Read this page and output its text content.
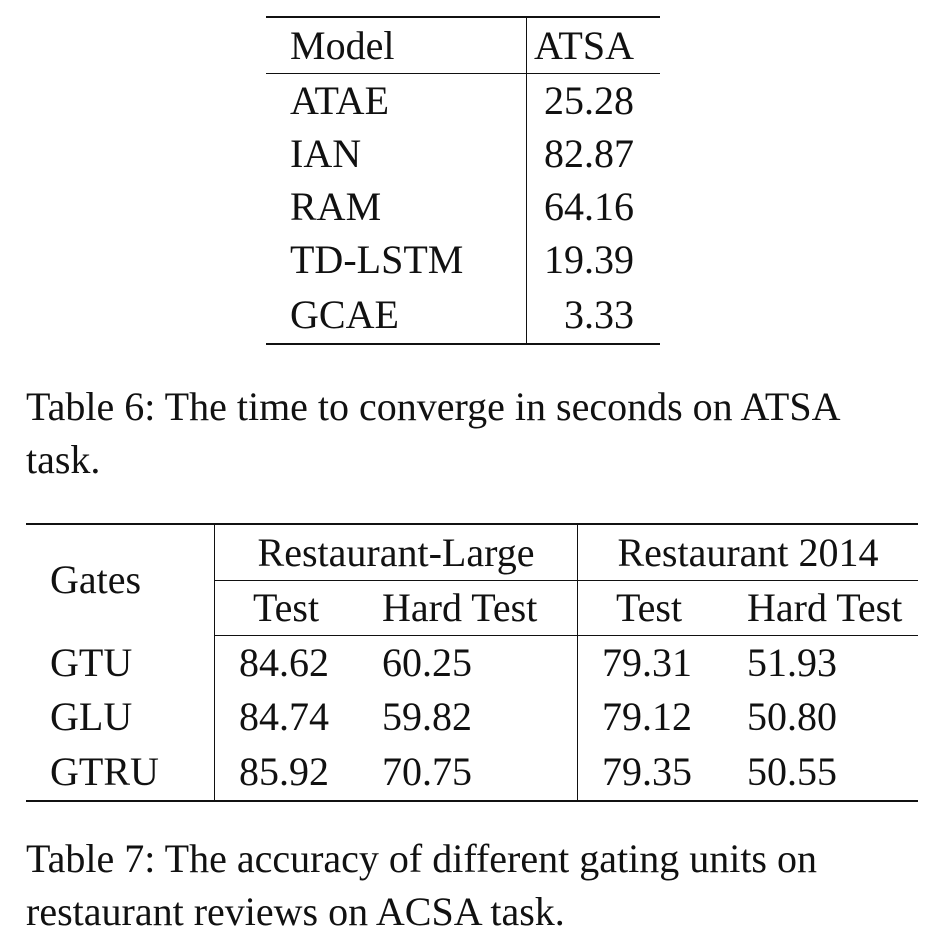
Model	ATSA
ATAE	25.28
IAN	82.87
RAM	64.16
TD-LSTM	19.39
GCAE	3.33
Table 6: The time to converge in seconds on ATSA
task.
Gates	Restaurant-Large		Restaurant 2014	
	Test	Hard Test	Test	Hard Test
GTU	84.62	60.25	79.31	51.93
GLU	84.74	59.82	79.12	50.80
GTRU	85.92	70.75	79.35	50.55
Table 7: The accuracy of different gating units on
restaurant reviews on ACSA task.
